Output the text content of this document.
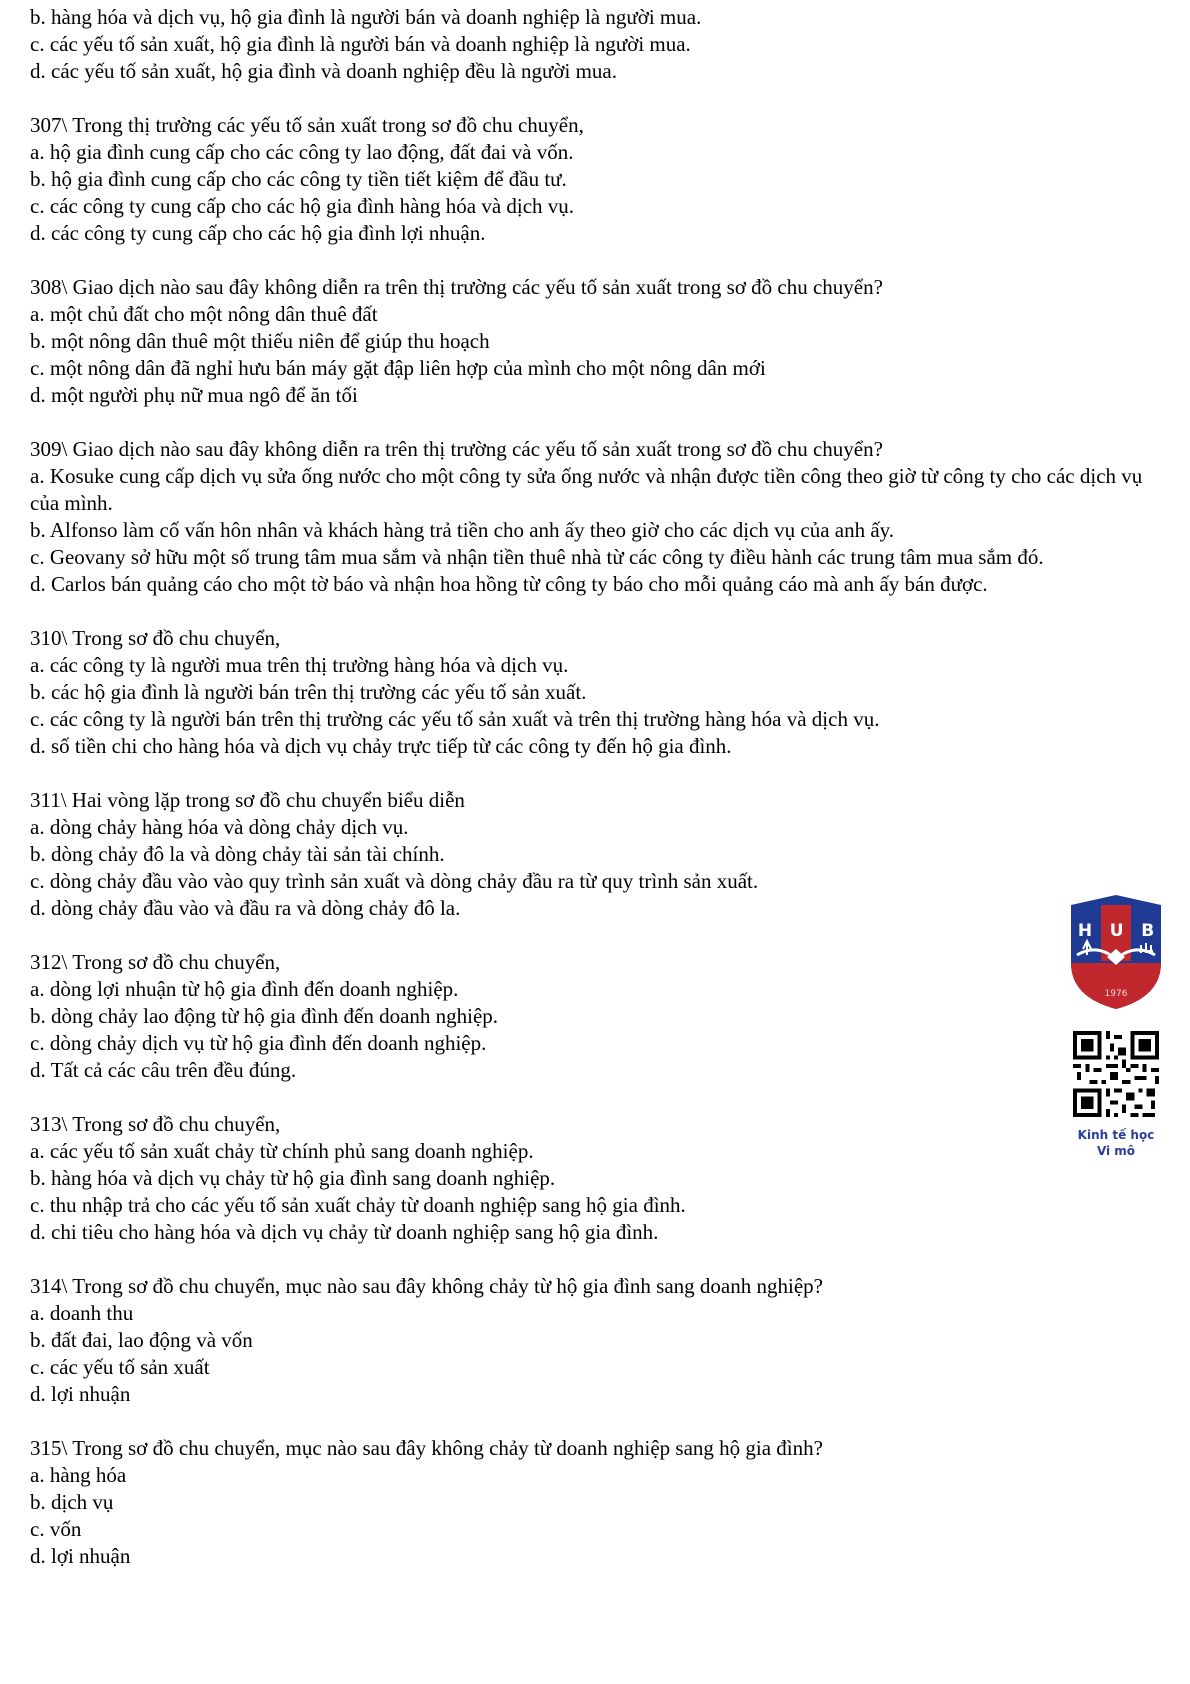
b. hàng hóa và dịch vụ, hộ gia đình là người bán và doanh nghiệp là người mua.
c. các yếu tố sản xuất, hộ gia đình là người bán và doanh nghiệp là người mua.
d. các yếu tố sản xuất, hộ gia đình và doanh nghiệp đều là người mua.
307\ Trong thị trường các yếu tố sản xuất trong sơ đồ chu chuyển,
a. hộ gia đình cung cấp cho các công ty lao động, đất đai và vốn.
b. hộ gia đình cung cấp cho các công ty tiền tiết kiệm để đầu tư.
c. các công ty cung cấp cho các hộ gia đình hàng hóa và dịch vụ.
d. các công ty cung cấp cho các hộ gia đình lợi nhuận.
308\ Giao dịch nào sau đây không diễn ra trên thị trường các yếu tố sản xuất trong sơ đồ chu chuyển?
a. một chủ đất cho một nông dân thuê đất
b. một nông dân thuê một thiếu niên để giúp thu hoạch
c. một nông dân đã nghỉ hưu bán máy gặt đập liên hợp của mình cho một nông dân mới
d. một người phụ nữ mua ngô để ăn tối
309\ Giao dịch nào sau đây không diễn ra trên thị trường các yếu tố sản xuất trong sơ đồ chu chuyển?
a. Kosuke cung cấp dịch vụ sửa ống nước cho một công ty sửa ống nước và nhận được tiền công theo giờ từ công ty cho các dịch vụ của mình.
b. Alfonso làm cố vấn hôn nhân và khách hàng trả tiền cho anh ấy theo giờ cho các dịch vụ của anh ấy.
c. Geovany sở hữu một số trung tâm mua sắm và nhận tiền thuê nhà từ các công ty điều hành các trung tâm mua sắm đó.
d. Carlos bán quảng cáo cho một tờ báo và nhận hoa hồng từ công ty báo cho mỗi quảng cáo mà anh ấy bán được.
310\ Trong sơ đồ chu chuyển,
a. các công ty là người mua trên thị trường hàng hóa và dịch vụ.
b. các hộ gia đình là người bán trên thị trường các yếu tố sản xuất.
c. các công ty là người bán trên thị trường các yếu tố sản xuất và trên thị trường hàng hóa và dịch vụ.
d. số tiền chi cho hàng hóa và dịch vụ chảy trực tiếp từ các công ty đến hộ gia đình.
311\ Hai vòng lặp trong sơ đồ chu chuyển biểu diễn
a. dòng chảy hàng hóa và dòng chảy dịch vụ.
b. dòng chảy đô la và dòng chảy tài sản tài chính.
c. dòng chảy đầu vào vào quy trình sản xuất và dòng chảy đầu ra từ quy trình sản xuất.
d. dòng chảy đầu vào và đầu ra và dòng chảy đô la.
312\ Trong sơ đồ chu chuyển,
a. dòng lợi nhuận từ hộ gia đình đến doanh nghiệp.
b. dòng chảy lao động từ hộ gia đình đến doanh nghiệp.
c. dòng chảy dịch vụ từ hộ gia đình đến doanh nghiệp.
d. Tất cả các câu trên đều đúng.
313\ Trong sơ đồ chu chuyển,
a. các yếu tố sản xuất chảy từ chính phủ sang doanh nghiệp.
b. hàng hóa và dịch vụ chảy từ hộ gia đình sang doanh nghiệp.
c. thu nhập trả cho các yếu tố sản xuất chảy từ doanh nghiệp sang hộ gia đình.
d. chi tiêu cho hàng hóa và dịch vụ chảy từ doanh nghiệp sang hộ gia đình.
314\ Trong sơ đồ chu chuyển, mục nào sau đây không chảy từ hộ gia đình sang doanh nghiệp?
a. doanh thu
b. đất đai, lao động và vốn
c. các yếu tố sản xuất
d. lợi nhuận
315\ Trong sơ đồ chu chuyển, mục nào sau đây không chảy từ doanh nghiệp sang hộ gia đình?
a. hàng hóa
b. dịch vụ
c. vốn
d. lợi nhuận
H U B
1976
Kinh tế học
Vi mô
